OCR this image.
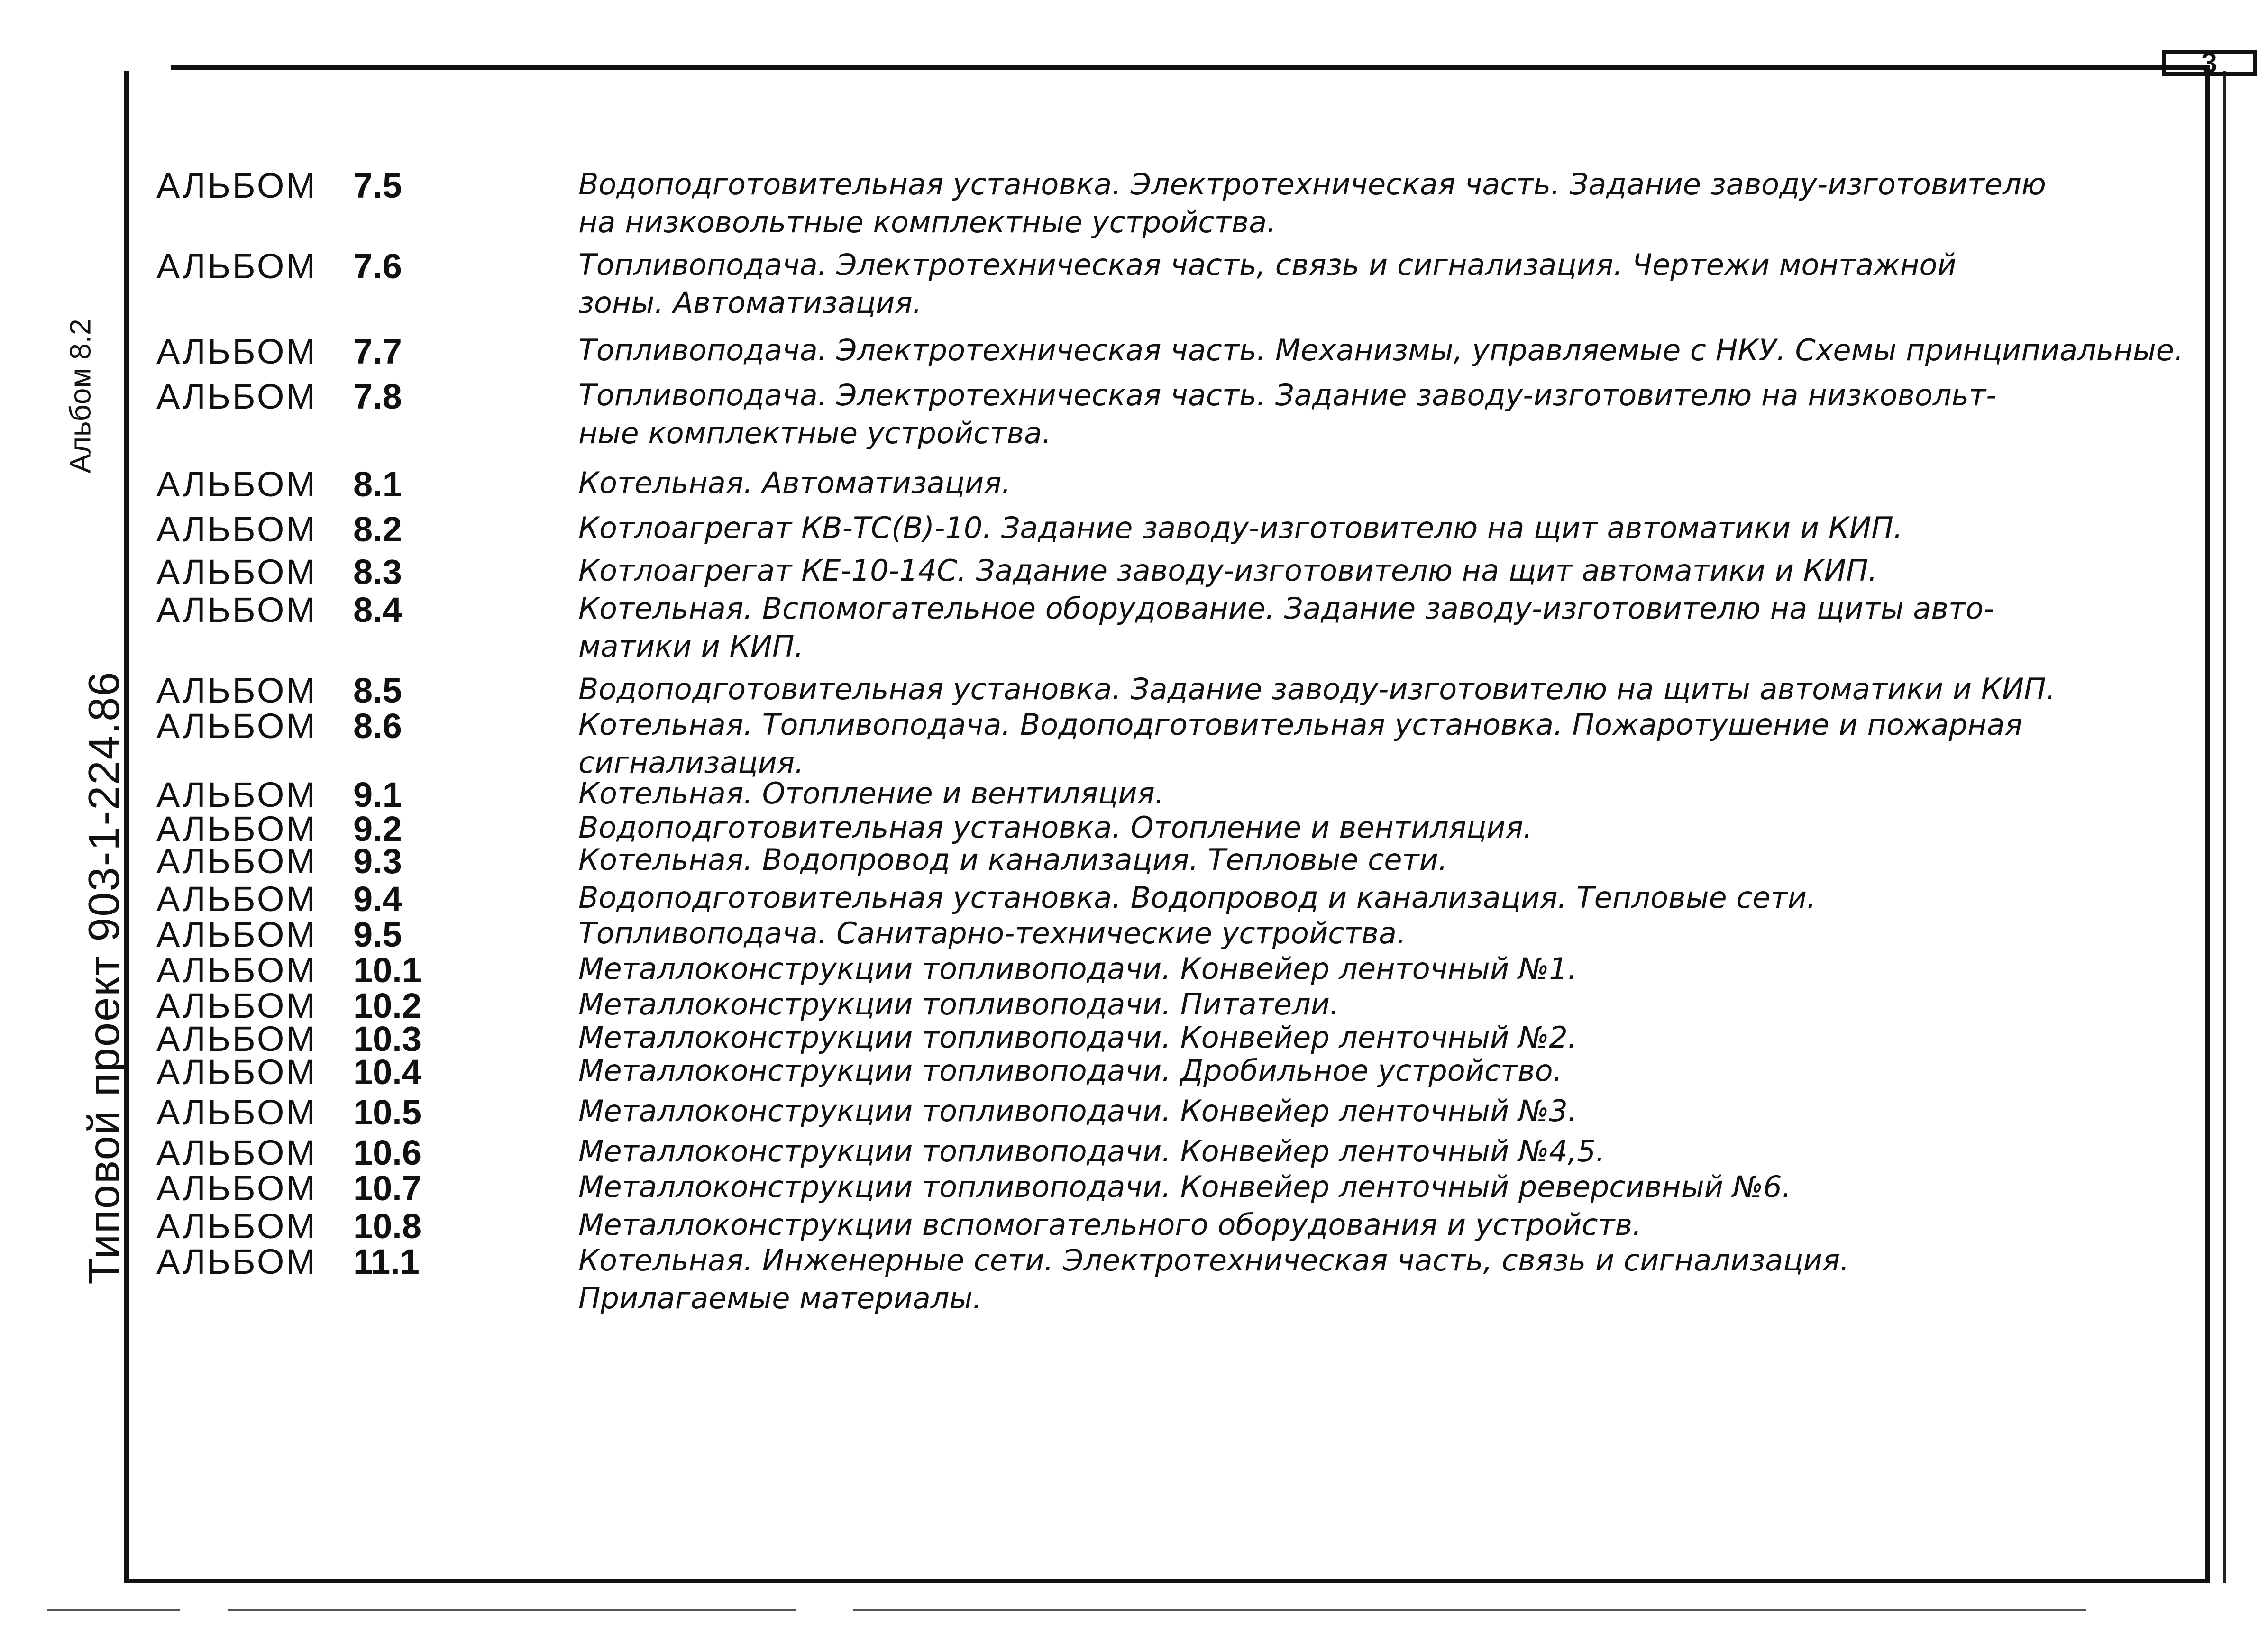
3
Альбом 8.2
Типовой проект 903-1-224.86
АЛЬБОМ 7.5	Водоподготовительная установка. Электротехническая часть. Задание заводу-изготовителю
на низковольтные комплектные устройства.
АЛЬБОМ 7.6	Топливоподача. Электротехническая часть, связь и сигнализация. Чертежи монтажной
зоны. Автоматизация.
АЛЬБОМ 7.7	Топливоподача. Электротехническая часть. Механизмы, управляемые с НКУ. Схемы принципиальные.
АЛЬБОМ 7.8	Топливоподача. Электротехническая часть. Задание заводу-изготовителю на низковольт-
ные комплектные устройства.
АЛЬБОМ 8.1	Котельная. Автоматизация.
АЛЬБОМ 8.2	Котлоагрегат КВ-ТС(В)-10. Задание заводу-изготовителю на щит автоматики и КИП.
АЛЬБОМ 8.3	Котлоагрегат КЕ-10-14С. Задание заводу-изготовителю на щит автоматики и КИП.
АЛЬБОМ 8.4	Котельная. Вспомогательное оборудование. Задание заводу-изготовителю на щиты авто-
матики и КИП.
АЛЬБОМ 8.5	Водоподготовительная установка. Задание заводу-изготовителю на щиты автоматики и КИП.
АЛЬБОМ 8.6	Котельная. Топливоподача. Водоподготовительная установка. Пожаротушение и пожарная
сигнализация.
АЛЬБОМ 9.1	Котельная. Отопление и вентиляция.
АЛЬБОМ 9.2	Водоподготовительная установка. Отопление и вентиляция.
АЛЬБОМ 9.3	Котельная. Водопровод и канализация. Тепловые сети.
АЛЬБОМ 9.4	Водоподготовительная установка. Водопровод и канализация. Тепловые сети.
АЛЬБОМ 9.5	Топливоподача. Санитарно-технические устройства.
АЛЬБОМ 10.1	Металлоконструкции топливоподачи. Конвейер ленточный №1.
АЛЬБОМ 10.2	Металлоконструкции топливоподачи. Питатели.
АЛЬБОМ 10.3	Металлоконструкции топливоподачи. Конвейер ленточный №2.
АЛЬБОМ 10.4	Металлоконструкции топливоподачи. Дробильное устройство.
АЛЬБОМ 10.5	Металлоконструкции топливоподачи. Конвейер ленточный №3.
АЛЬБОМ 10.6	Металлоконструкции топливоподачи. Конвейер ленточный №4,5.
АЛЬБОМ 10.7	Металлоконструкции топливоподачи. Конвейер ленточный реверсивный №6.
АЛЬБОМ 10.8	Металлоконструкции вспомогательного оборудования и устройств.
АЛЬБОМ 11.1	Котельная. Инженерные сети. Электротехническая часть, связь и сигнализация.
Прилагаемые материалы.
